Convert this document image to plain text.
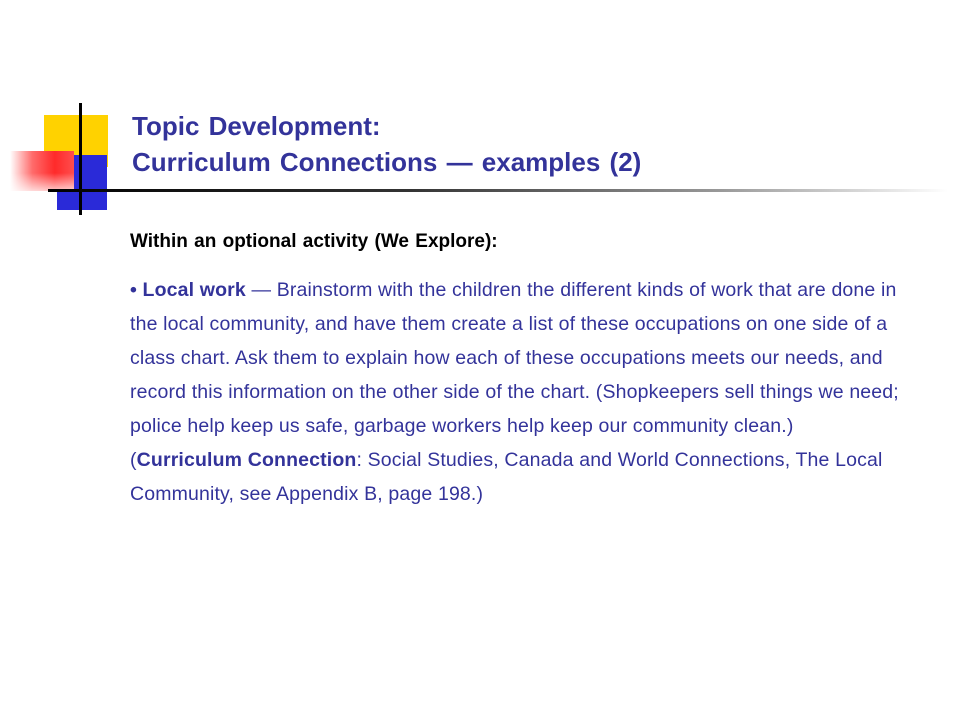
Topic Development:
Curriculum Connections — examples (2)

Within an optional activity (We Explore):

• Local work — Brainstorm with the children the different kinds of work that are done in the local community, and have them create a list of these occupations on one side of a class chart. Ask them to explain how each of these occupations meets our needs, and record this information on the other side of the chart. (Shopkeepers sell things we need; police help keep us safe, garbage workers help keep our community clean.) (Curriculum Connection: Social Studies, Canada and World Connections, The Local Community, see Appendix B, page 198.)
